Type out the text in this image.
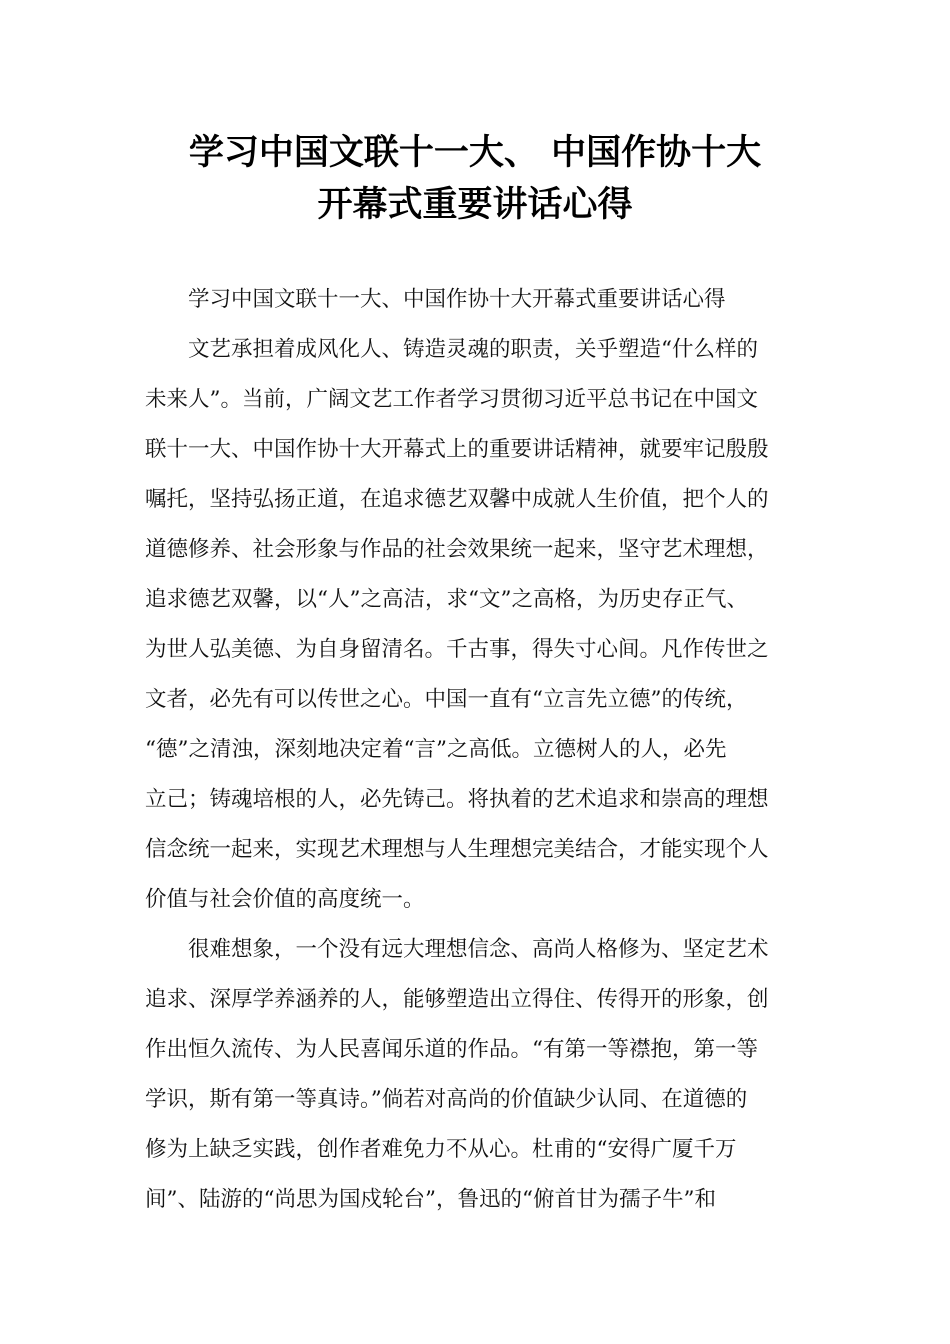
学习中国文联十一大、 中国作协十大
开幕式重要讲话心得
　　学习中国文联十一大、中国作协十大开幕式重要讲话心得
　　文艺承担着成风化人、铸造灵魂的职责，关乎塑造“什么样的
未来人”。当前，广阔文艺工作者学习贯彻习近平总书记在中国文
联十一大、中国作协十大开幕式上的重要讲话精神，就要牢记殷殷
嘱托，坚持弘扬正道，在追求德艺双馨中成就人生价值，把个人的
道德修养、社会形象与作品的社会效果统一起来，坚守艺术理想，
追求德艺双馨，以“人”之高洁，求“文”之高格，为历史存正气、
为世人弘美德、为自身留清名。千古事，得失寸心间。凡作传世之
文者，必先有可以传世之心。中国一直有“立言先立德”的传统，
“德”之清浊，深刻地决定着“言”之高低。立德树人的人，必先
立己；铸魂培根的人，必先铸己。将执着的艺术追求和崇高的理想
信念统一起来，实现艺术理想与人生理想完美结合，才能实现个人
价值与社会价值的高度统一。
　　很难想象，一个没有远大理想信念、高尚人格修为、坚定艺术
追求、深厚学养涵养的人，能够塑造出立得住、传得开的形象，创
作出恒久流传、为人民喜闻乐道的作品。“有第一等襟抱，第一等
学识，斯有第一等真诗。”倘若对高尚的价值缺少认同、在道德的
修为上缺乏实践，创作者难免力不从心。杜甫的“安得广厦千万
间”、陆游的“尚思为国戍轮台”，鲁迅的“俯首甘为孺子牛”和
